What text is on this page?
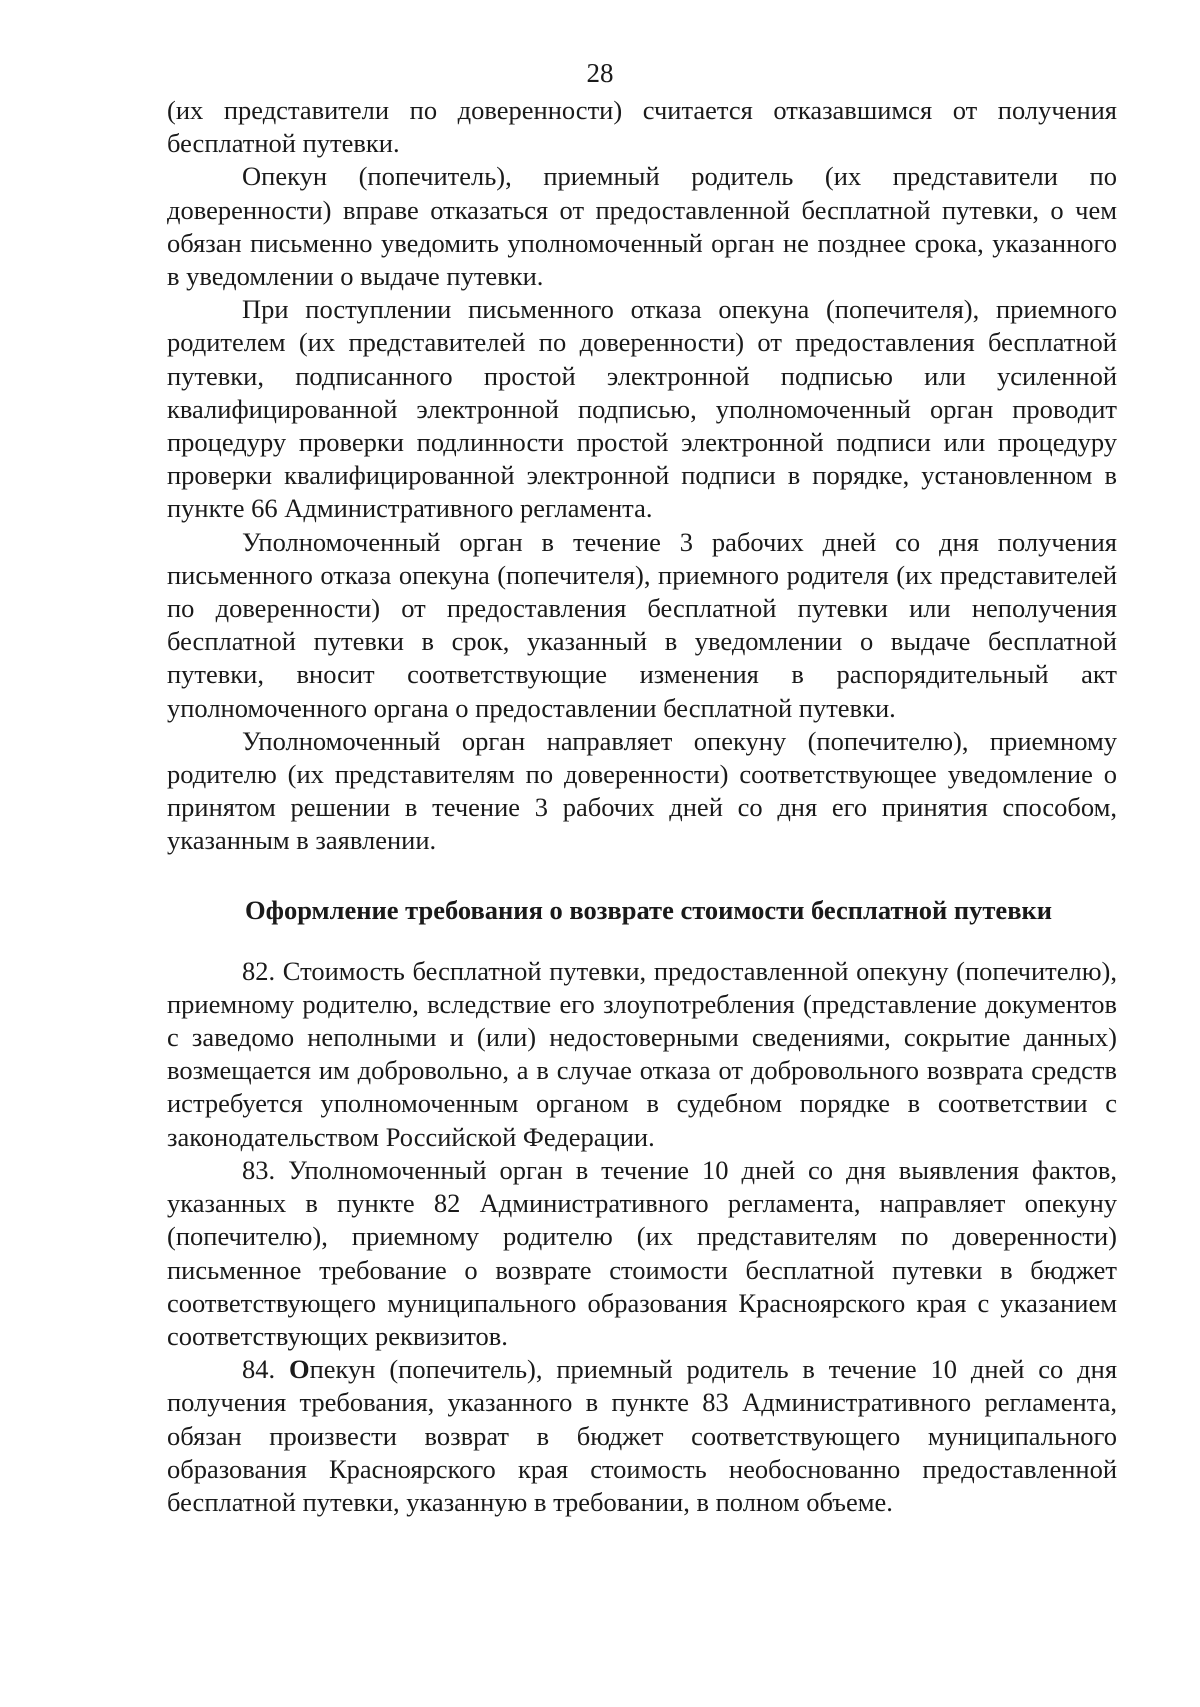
28

(их представители по доверенности) считается отказавшимся от получения бесплатной путевки.

Опекун (попечитель), приемный родитель (их представители по доверенности) вправе отказаться от предоставленной бесплатной путевки, о чем обязан письменно уведомить уполномоченный орган не позднее срока, указанного в уведомлении о выдаче путевки.

При поступлении письменного отказа опекуна (попечителя), приемного родителем (их представителей по доверенности) от предоставления бесплатной путевки, подписанного простой электронной подписью или усиленной квалифицированной электронной подписью, уполномоченный орган проводит процедуру проверки подлинности простой электронной подписи или процедуру проверки квалифицированной электронной подписи в порядке, установленном в пункте 66 Административного регламента.

Уполномоченный орган в течение 3 рабочих дней со дня получения письменного отказа опекуна (попечителя), приемного родителя (их представителей по доверенности) от предоставления бесплатной путевки или неполучения бесплатной путевки в срок, указанный в уведомлении о выдаче бесплатной путевки, вносит соответствующие изменения в распорядительный акт уполномоченного органа о предоставлении бесплатной путевки.

Уполномоченный орган направляет опекуну (попечителю), приемному родителю (их представителям по доверенности) соответствующее уведомление о принятом решении в течение 3 рабочих дней со дня его принятия способом, указанным в заявлении.

Оформление требования о возврате стоимости бесплатной путевки

82. Стоимость бесплатной путевки, предоставленной опекуну (попечителю), приемному родителю, вследствие его злоупотребления (представление документов с заведомо неполными и (или) недостоверными сведениями, сокрытие данных) возмещается им добровольно, а в случае отказа от добровольного возврата средств истребуется уполномоченным органом в судебном порядке в соответствии с законодательством Российской Федерации.

83. Уполномоченный орган в течение 10 дней со дня выявления фактов, указанных в пункте 82 Административного регламента, направляет опекуну (попечителю), приемному родителю (их представителям по доверенности) письменное требование о возврате стоимости бесплатной путевки в бюджет соответствующего муниципального образования Красноярского края с указанием соответствующих реквизитов.

84. Опекун (попечитель), приемный родитель в течение 10 дней со дня получения требования, указанного в пункте 83 Административного регламента, обязан произвести возврат в бюджет соответствующего муниципального образования Красноярского края стоимость необоснованно предоставленной бесплатной путевки, указанную в требовании, в полном объеме.
